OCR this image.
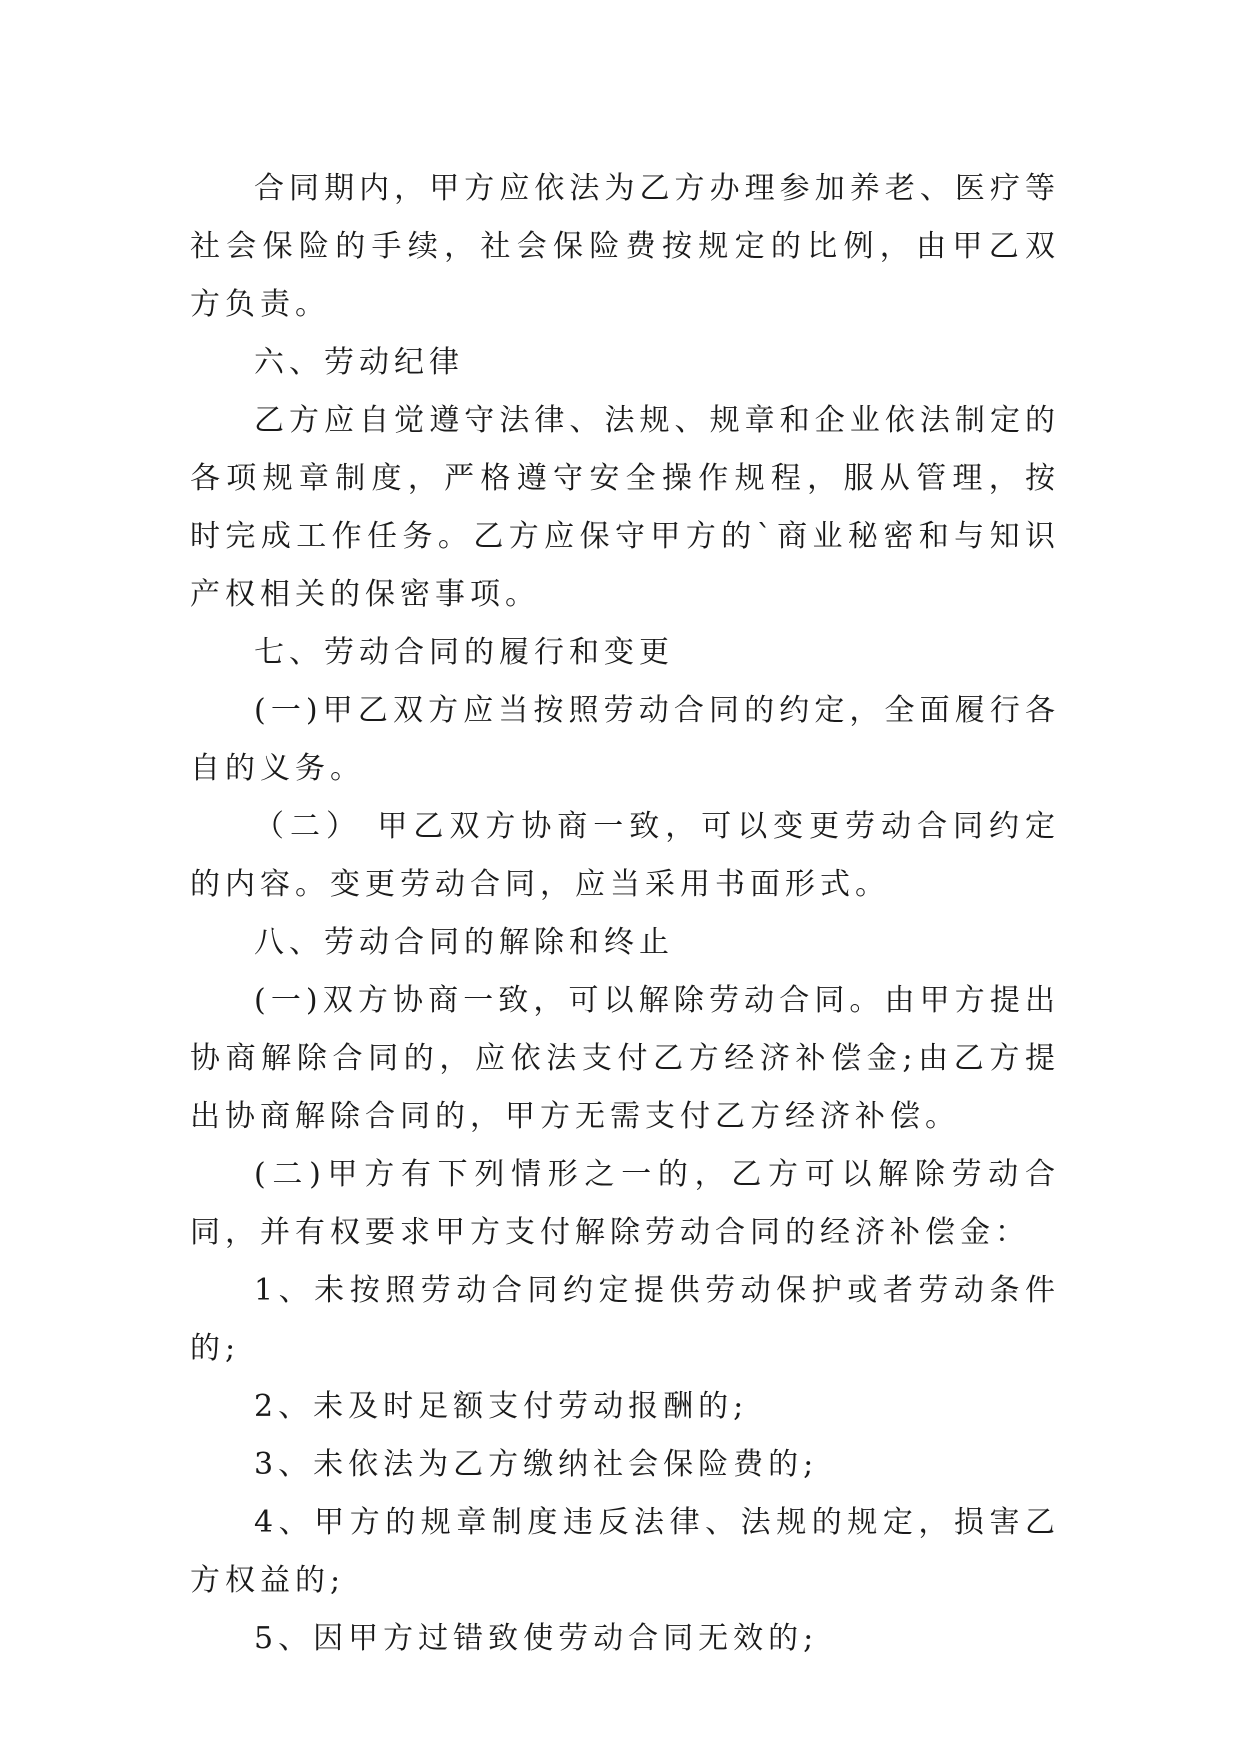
合同期内，甲方应依法为乙方办理参加养老、医疗等社会保险的手续，社会保险费按规定的比例，由甲乙双方负责。

六、劳动纪律

乙方应自觉遵守法律、法规、规章和企业依法制定的各项规章制度，严格遵守安全操作规程，服从管理，按时完成工作任务。乙方应保守甲方的`商业秘密和与知识产权相关的保密事项。

七、劳动合同的履行和变更

(一)甲乙双方应当按照劳动合同的约定，全面履行各自的义务。

（二） 甲乙双方协商一致，可以变更劳动合同约定的内容。变更劳动合同，应当采用书面形式。

八、劳动合同的解除和终止

(一)双方协商一致，可以解除劳动合同。由甲方提出协商解除合同的，应依法支付乙方经济补偿金;由乙方提出协商解除合同的，甲方无需支付乙方经济补偿。

(二)甲方有下列情形之一的，乙方可以解除劳动合同，并有权要求甲方支付解除劳动合同的经济补偿金：

1、未按照劳动合同约定提供劳动保护或者劳动条件的;

2、未及时足额支付劳动报酬的;

3、未依法为乙方缴纳社会保险费的;

4、甲方的规章制度违反法律、法规的规定，损害乙方权益的;

5、因甲方过错致使劳动合同无效的;
